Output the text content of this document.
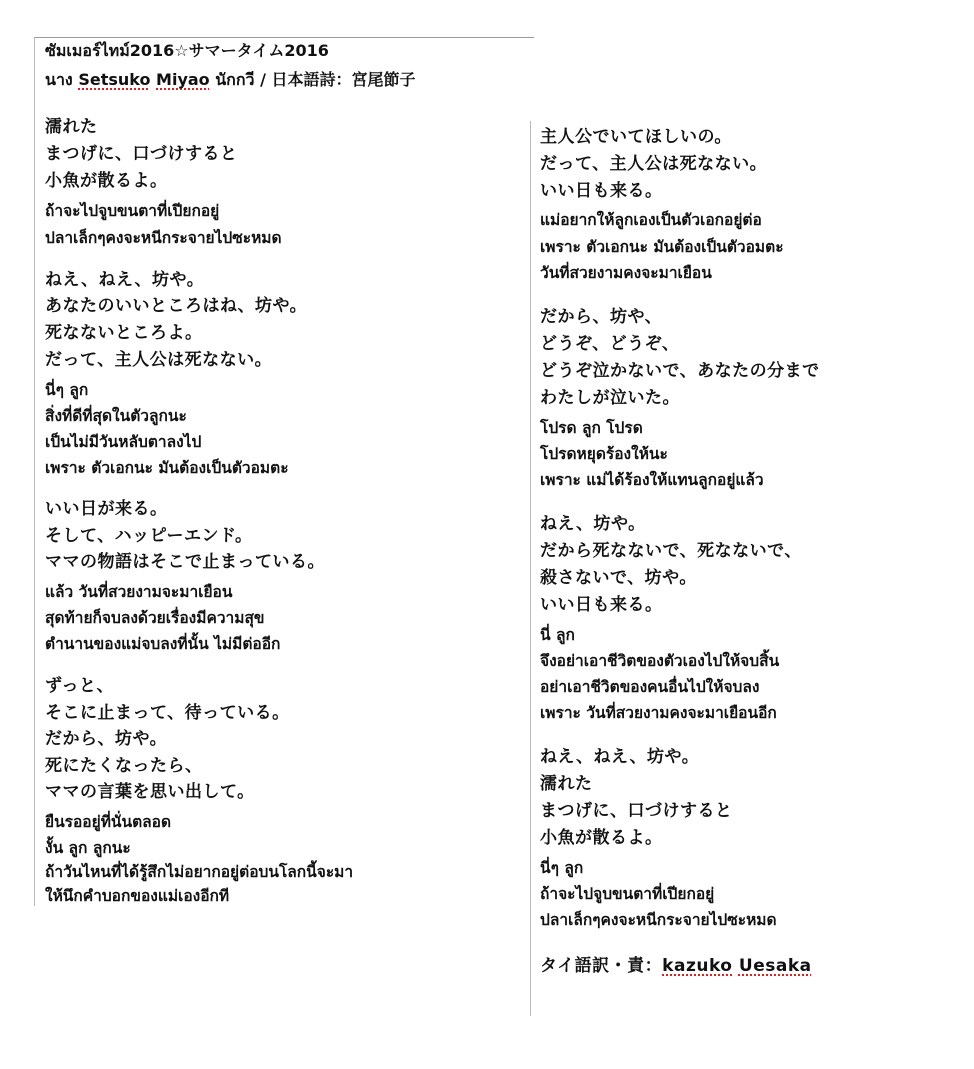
ซัมเมอร์ไทม์2016☆サマータイム2016
นาง Setsuko Miyao นักกวี / 日本語詩：宮尾節子
濡れた
まつげに、口づけすると
小魚が散るよ。
ถ้าจะไปจูบขนตาที่เปียกอยู่
ปลาเล็กๆคงจะหนีกระจายไปซะหมด
ねえ、ねえ、坊や。
あなたのいいところはね、坊や。
死なないところよ。
だって、主人公は死なない。
นี่ๆ ลูก
สิ่งที่ดีที่สุดในตัวลูกนะ
เป็นไม่มีวันหลับตาลงไป
เพราะ ตัวเอกนะ มันต้องเป็นตัวอมตะ
いい日が来る。
そして、ハッピーエンド。
ママの物語はそこで止まっている。
แล้ว วันที่สวยงามจะมาเยือน
สุดท้ายก็จบลงด้วยเรื่องมีความสุข
ตำนานของแม่จบลงที่นั้น ไม่มีต่ออีก
ずっと、
そこに止まって、待っている。
だから、坊や。
死にたくなったら、
ママの言葉を思い出して。
ยืนรออยู่ที่นั่นตลอด
งั้น ลูก ลูกนะ
ถ้าวันไหนที่ได้รู้สึกไม่อยากอยู่ต่อบนโลกนี้จะมา
ให้นึกคำบอกของแม่เองอีกที
主人公でいてほしいの。
だって、主人公は死なない。
いい日も来る。
แม่อยากให้ลูกเองเป็นตัวเอกอยู่ต่อ
เพราะ ตัวเอกนะ มันต้องเป็นตัวอมตะ
วันที่สวยงามคงจะมาเยือน
だから、坊や、
どうぞ、どうぞ、
どうぞ泣かないで、あなたの分まで
わたしが泣いた。
โปรด ลูก โปรด
โปรดหยุดร้องให้นะ
เพราะ แม่ได้ร้องให้แทนลูกอยู่แล้ว
ねえ、坊や。
だから死なないで、死なないで、
殺さないで、坊や。
いい日も来る。
นี่ ลูก
จึงอย่าเอาชีวิตของตัวเองไปให้จบสิ้น
อย่าเอาชีวิตของคนอื่นไปให้จบลง
เพราะ วันที่สวยงามคงจะมาเยือนอีก
ねえ、ねえ、坊や。
濡れた
まつげに、口づけすると
小魚が散るよ。
นี่ๆ ลูก
ถ้าจะไปจูบขนตาที่เปียกอยู่
ปลาเล็กๆคงจะหนีกระจายไปซะหมด
タイ語訳・責：kazuko Uesaka
